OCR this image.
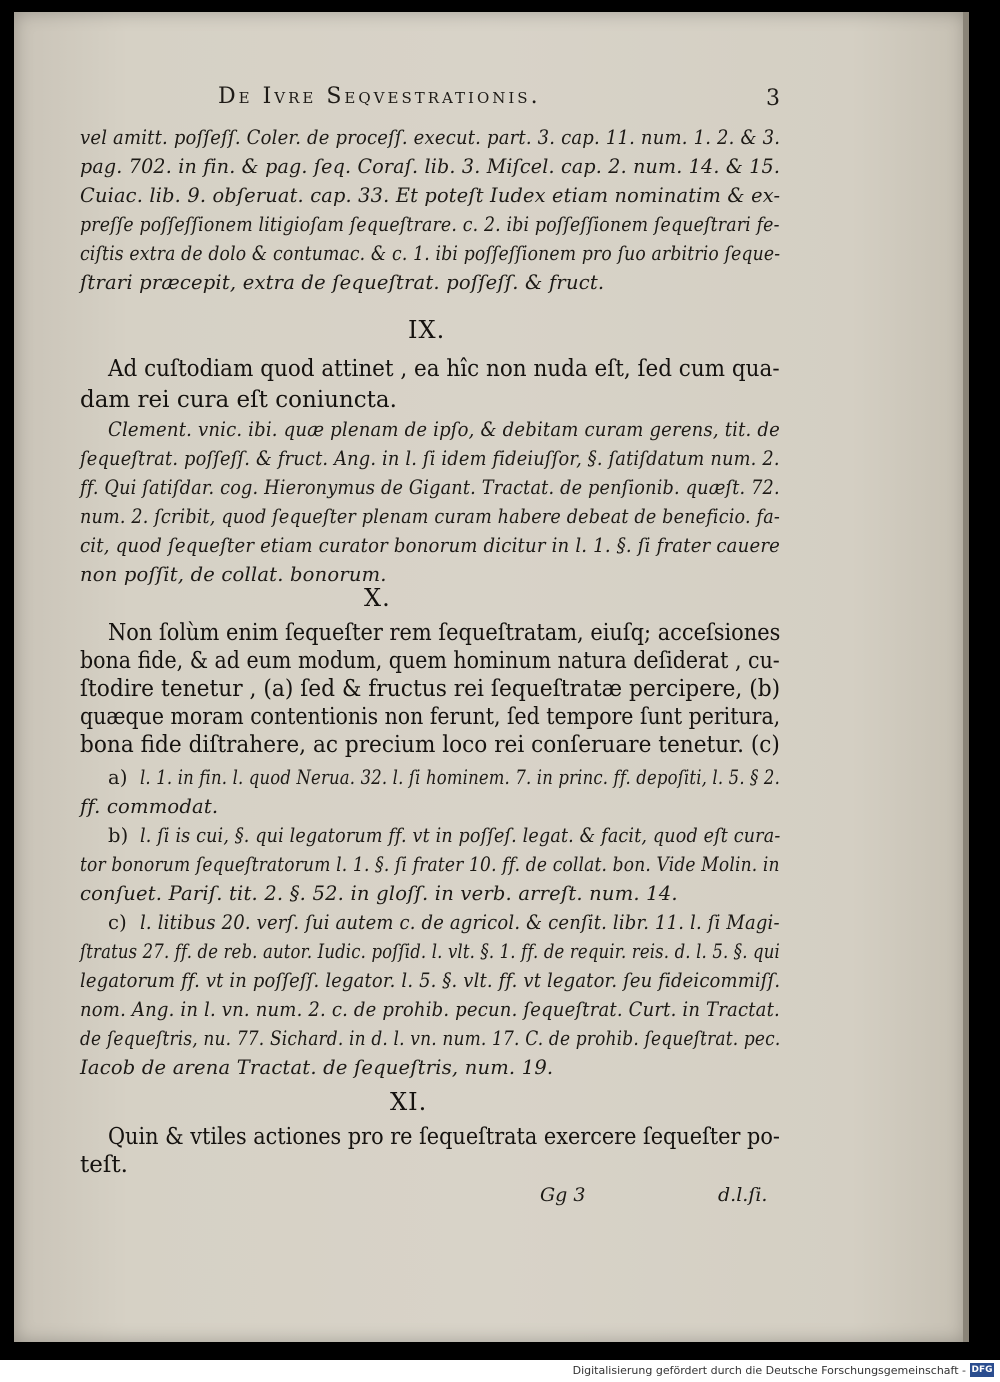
De Ivre Seqvestrationis.	3
vel amitt. poſſeſſ. Coler. de proceſſ. execut. part. 3. cap. 11. num. 1. 2. & 3.
pag. 702. in fin. & pag. ſeq. Coraſ. lib. 3. Miſcel. cap. 2. num. 14. & 15.
Cuiac. lib. 9. obſeruat. cap. 33. Et poteſt Iudex etiam nominatim & ex-
preſſe poſſeſſionem litigioſam ſequeſtrare. c. 2. ibi poſſeſſionem ſequeſtrari fe-
ciſtis extra de dolo & contumac. & c. 1. ibi poſſeſſionem pro ſuo arbitrio ſeque-
ſtrari præcepit, extra de ſequeſtrat. poſſeſſ. & fruct.
IX.
Ad cuſtodiam quod attinet , ea hîc non nuda eſt, ſed cum qua-
dam rei cura eſt coniuncta.
Clement. vnic. ibi. quæ plenam de ipſo, & debitam curam gerens, tit. de
ſequeſtrat. poſſeſſ. & fruct. Ang. in l. ſi idem fideiuſſor, §. ſatiſdatum num. 2.
ff. Qui ſatiſdar. cog. Hieronymus de Gigant. Tractat. de penſionib. quæſt. 72.
num. 2. ſcribit, quod ſequeſter plenam curam habere debeat de beneficio. fa-
cit, quod ſequeſter etiam curator bonorum dicitur in l. 1. §. ſi frater cauere
non poſſit, de collat. bonorum.
X.
Non ſolùm enim ſequeſter rem ſequeſtratam, eiuſq; acceſsiones
bona fide, & ad eum modum, quem hominum natura deſiderat , cu-
ſtodire tenetur , (a) ſed & fructus rei ſequeſtratæ percipere, (b)
quæque moram contentionis non ferunt, ſed tempore ſunt peritura,
bona fide diſtrahere, ac precium loco rei conſeruare tenetur. (c)
a) l. 1. in fin. l. quod Nerua. 32. l. ſi hominem. 7. in princ. ff. depoſiti, l. 5. § 2.
ff. commodat.
b) l. ſi is cui, §. qui legatorum ff. vt in poſſeſ. legat. & facit, quod eſt cura-
tor bonorum ſequeſtratorum l. 1. §. ſi frater 10. ff. de collat. bon. Vide Molin. in
conſuet. Pariſ. tit. 2. §. 52. in gloſſ. in verb. arreſt. num. 14.
c) l. litibus 20. verſ. ſui autem c. de agricol. & cenſit. libr. 11. l. ſi Magi-
ſtratus 27. ff. de reb. autor. Iudic. poſſid. l. vlt. §. 1. ff. de requir. reis. d. l. 5. §. qui
legatorum ff. vt in poſſeſſ. legator. l. 5. §. vlt. ff. vt legator. ſeu fideicommiſſ.
nom. Ang. in l. vn. num. 2. c. de prohib. pecun. ſequeſtrat. Curt. in Tractat.
de ſequeſtris, nu. 77. Sichard. in d. l. vn. num. 17. C. de prohib. ſequeſtrat. pec.
Iacob de arena Tractat. de ſequeſtris, num. 19.
XI.
Quin & vtiles actiones pro re ſequeſtrata exercere ſequeſter po-
teſt.
Gg 3	d.l.ſi.
Digitalisierung gefördert durch die Deutsche Forschungsgemeinschaft - DFG
